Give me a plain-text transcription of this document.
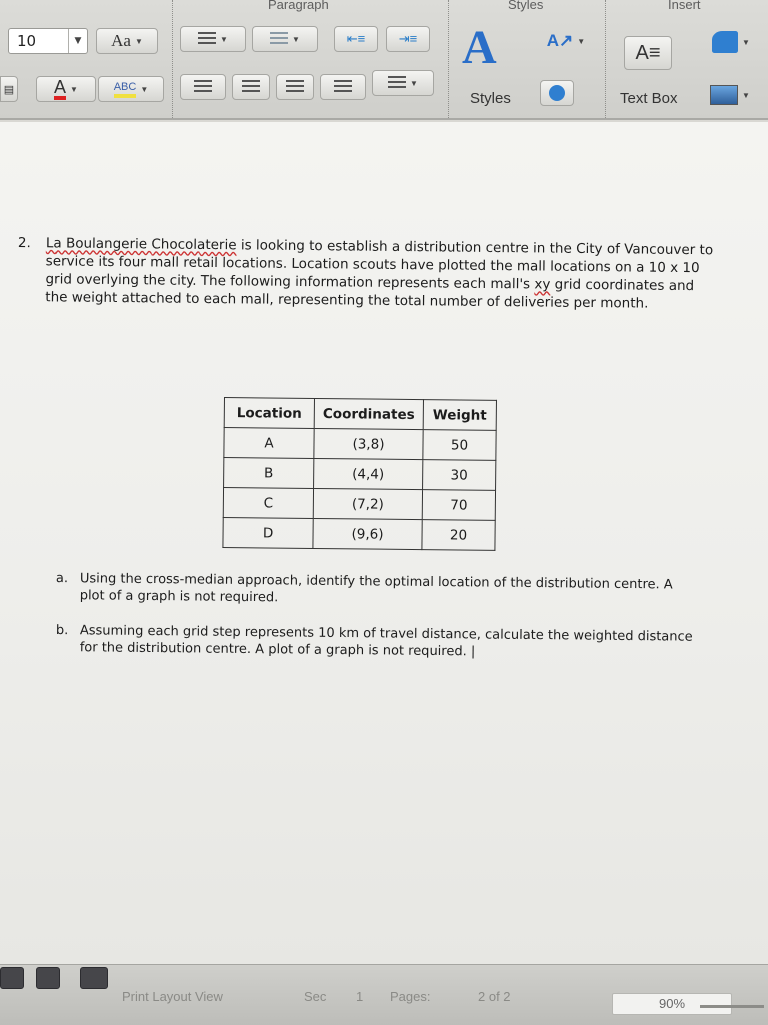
Paragraph	Styles	Insert
10	▼	Aa ▼	▼	▼	⇤≡	⇥≡
A ▼	ABC ▼
▤
▼
A
Styles
A↗ ▼
A≡
Text Box
▼
▼
2. La Boulangerie Chocolaterie is looking to establish a distribution centre in the City of Vancouver to service its four mall retail locations. Location scouts have plotted the mall locations on a 10 x 10 grid overlying the city. The following information represents each mall's xy grid coordinates and the weight attached to each mall, representing the total number of deliveries per month.
Location	Coordinates	Weight
A	(3,8)	50
B	(4,4)	30
C	(7,2)	70
D	(9,6)	20
a. Using the cross-median approach, identify the optimal location of the distribution centre. A plot of a graph is not required.
b. Assuming each grid step represents 10 km of travel distance, calculate the weighted distance for the distribution centre. A plot of a graph is not required. |
Print Layout View	Sec 1 Pages:	2 of 2	90%
